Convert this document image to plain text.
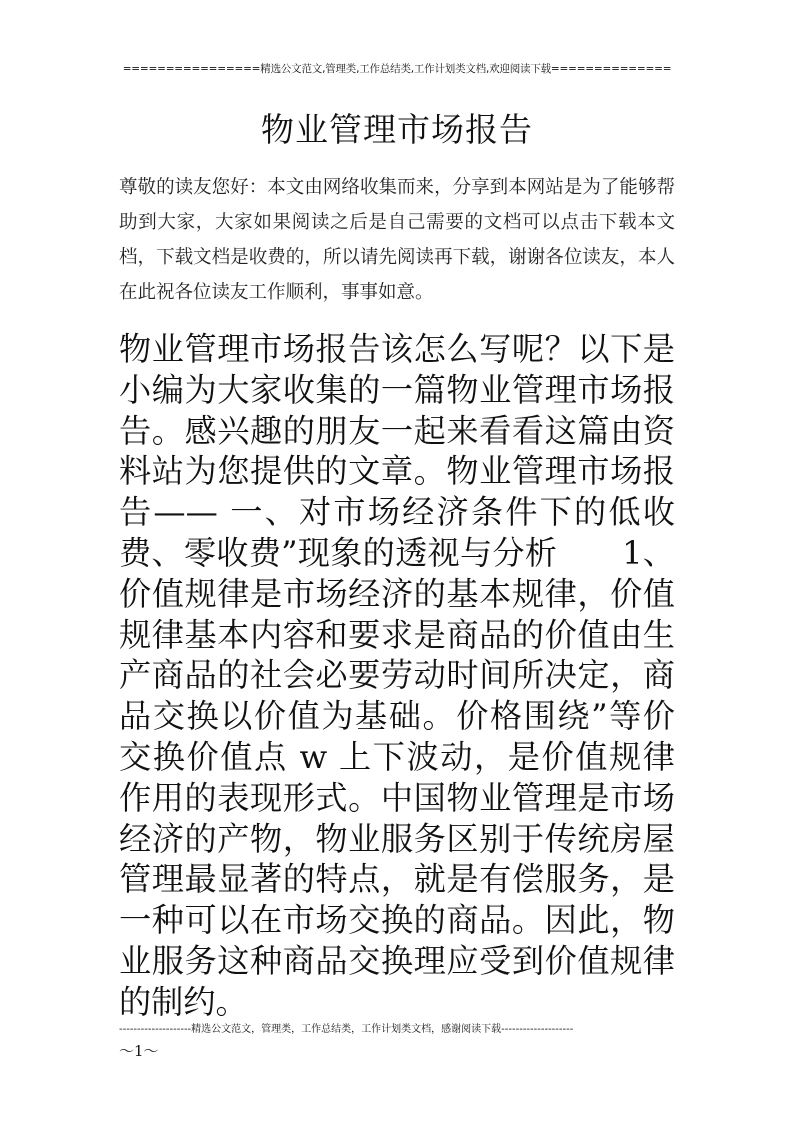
================精选公文范文,管理类,工作总结类,工作计划类文档,欢迎阅读下载==============
物业管理市场报告
尊敬的读友您好：本文由网络收集而来，分享到本网站是为了能够帮助到大家，大家如果阅读之后是自己需要的文档可以点击下载本文档，下载文档是收费的，所以请先阅读再下载，谢谢各位读友，本人在此祝各位读友工作顺利，事事如意。
物业管理市场报告该怎么写呢？以下是小编为大家收集的一篇物业管理市场报告。感兴趣的朋友一起来看看这篇由资料站为您提供的文章。物业管理市场报告—— 一、对市场经济条件下的低收费、零收费”现象的透视与分析　　1、价值规律是市场经济的基本规律，价值规律基本内容和要求是商品的价值由生产商品的社会必要劳动时间所决定，商品交换以价值为基础。价格围绕”等价交换价值点 w 上下波动，是价值规律作用的表现形式。中国物业管理是市场经济的产物，物业服务区别于传统房屋管理最显著的特点，就是有偿服务，是一种可以在市场交换的商品。因此，物业服务这种商品交换理应受到价值规律的制约。
--------------------精选公文范文，管理类，工作总结类，工作计划类文档，感谢阅读下载--------------------
～1～
